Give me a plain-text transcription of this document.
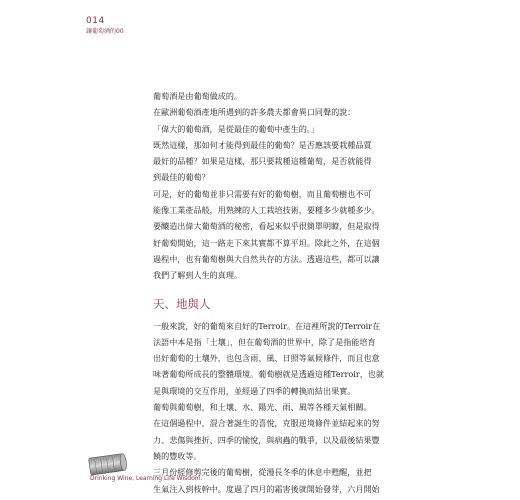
014
讓葡萄酒的00

葡萄酒是由葡萄做成的。

在歐洲葡萄酒產地所遇到的許多農夫都會異口同聲的說：

「偉大的葡萄酒，是從最佳的葡萄中產生的。」

既然這樣，那如何才能得到最佳的葡萄？是否應該要栽種品質

最好的品種？如果是這樣，那只要栽種這種葡萄，是否就能得

到最佳的葡萄？

可是，好的葡萄並非只需要有好的葡萄樹，而且葡萄樹也不可

能像工業產品般，用熟練的人工栽培技術，要種多少就種多少。

要釀造出偉大葡萄酒的秘密，看起來似乎很簡單明瞭，但是取得

好葡萄開始，這一路走下來其實都不算平坦。除此之外，在這個

過程中，也有葡萄樹與大自然共存的方法。透過這些，都可以讓

我們了解到人生的真理。

天、地與人

一般來說，好的葡萄來自好的Terroir。在這裡所說的Terroir在

法語中本是指「土壤」，但在葡萄酒的世界中，除了是指能培育

出好葡萄的土壤外，也包含雨、風、日照等氣候條件，而且也意

味著葡萄所成長的整體環境。葡萄樹就是透過這種Terroir，也就

是與環境的交互作用，並經過了四季的轉換而結出果實。

葡萄與葡萄樹，和土壤、水、陽光、雨、風等各種天氣相關。

在這個過程中，混合著誕生的喜悅，克服逆境條件並結起來的努

力、悲傷與挫折、四季的愉悅，與病蟲的戰爭，以及最後結果豐

饒的豐收等。

三月份經修剪完後的葡萄樹，從漫長冬季的休息中甦醒，並把

生氣注入到枝幹中。度過了四月的霜害後就開始發芽，六月開始

Drinking Wine, Learning Life Wisdom.
